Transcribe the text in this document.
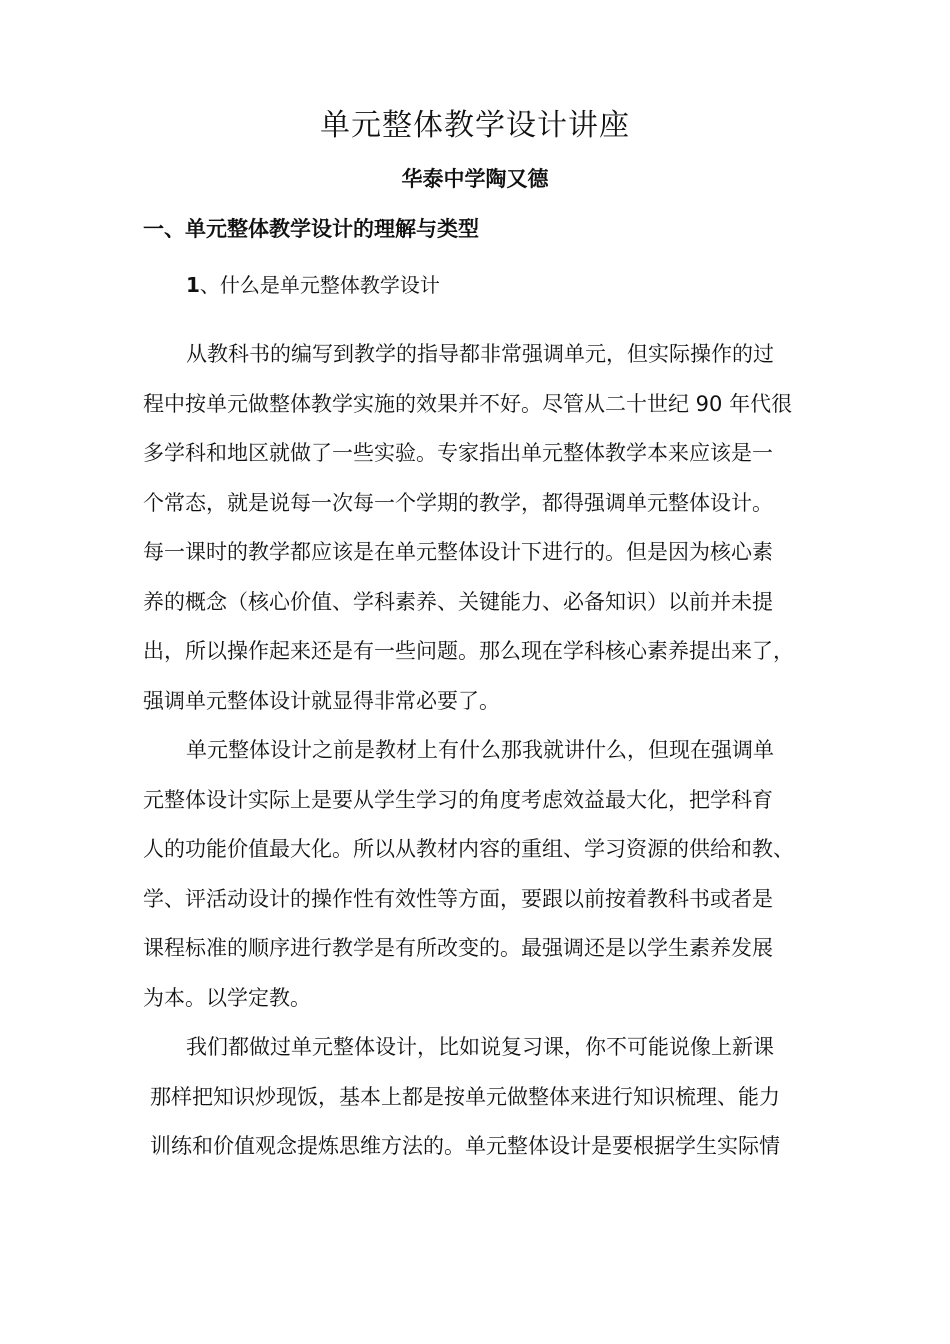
单元整体教学设计讲座
华泰中学陶又德
一、单元整体教学设计的理解与类型
1、什么是单元整体教学设计
从教科书的编写到教学的指导都非常强调单元，但实际操作的过
程中按单元做整体教学实施的效果并不好。尽管从二十世纪 90 年代很
多学科和地区就做了一些实验。专家指出单元整体教学本来应该是一
个常态，就是说每一次每一个学期的教学，都得强调单元整体设计。
每一课时的教学都应该是在单元整体设计下进行的。但是因为核心素
养的概念（核心价值、学科素养、关键能力、必备知识）以前并未提
出，所以操作起来还是有一些问题。那么现在学科核心素养提出来了，
强调单元整体设计就显得非常必要了。
单元整体设计之前是教材上有什么那我就讲什么，但现在强调单
元整体设计实际上是要从学生学习的角度考虑效益最大化，把学科育
人的功能价值最大化。所以从教材内容的重组、学习资源的供给和教、
学、评活动设计的操作性有效性等方面，要跟以前按着教科书或者是
课程标准的顺序进行教学是有所改变的。最强调还是以学生素养发展
为本。以学定教。
我们都做过单元整体设计，比如说复习课，你不可能说像上新课
那样把知识炒现饭，基本上都是按单元做整体来进行知识梳理、能力
训练和价值观念提炼思维方法的。单元整体设计是要根据学生实际情
